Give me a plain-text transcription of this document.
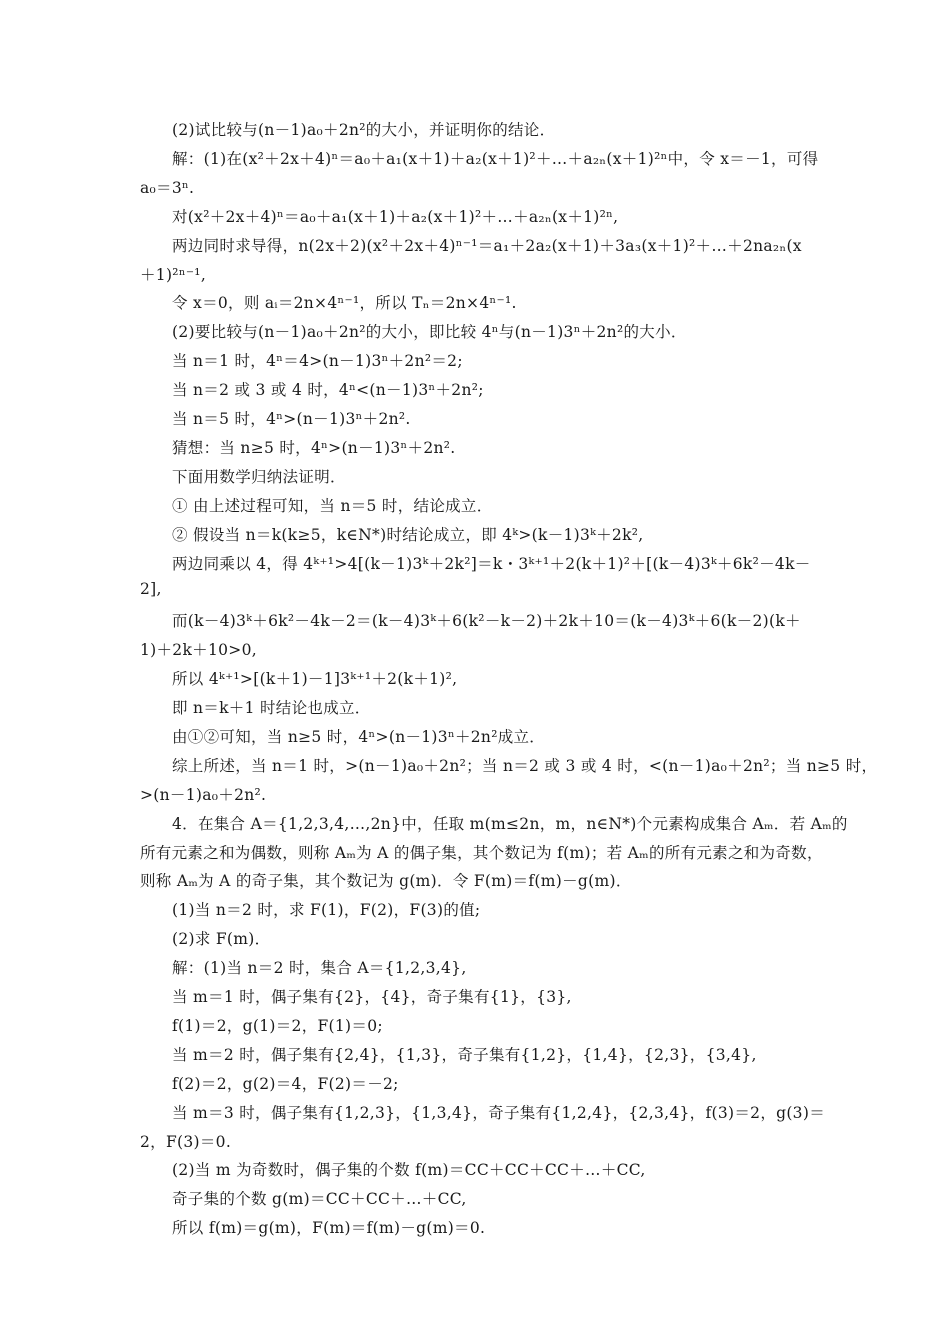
(2)试比较与(n－1)a₀＋2n²的大小，并证明你的结论．
解：(1)在(x²＋2x＋4)ⁿ＝a₀＋a₁(x＋1)＋a₂(x＋1)²＋…＋a₂ₙ(x＋1)²ⁿ中，令 x＝－1，可得
a₀＝3ⁿ.
对(x²＋2x＋4)ⁿ＝a₀＋a₁(x＋1)＋a₂(x＋1)²＋…＋a₂ₙ(x＋1)²ⁿ,
两边同时求导得，n(2x＋2)(x²＋2x＋4)ⁿ⁻¹＝a₁＋2a₂(x＋1)＋3a₃(x＋1)²＋…＋2na₂ₙ(x
＋1)²ⁿ⁻¹,
令 x＝0，则 aᵢ＝2n×4ⁿ⁻¹，所以 Tₙ＝2n×4ⁿ⁻¹.
(2)要比较与(n－1)a₀＋2n²的大小，即比较 4ⁿ与(n－1)3ⁿ＋2n²的大小．
当 n＝1 时，4ⁿ＝4>(n－1)3ⁿ＋2n²＝2;
当 n＝2 或 3 或 4 时，4ⁿ<(n－1)3ⁿ＋2n²;
当 n＝5 时，4ⁿ>(n－1)3ⁿ＋2n².
猜想：当 n≥5 时，4ⁿ>(n－1)3ⁿ＋2n².
下面用数学归纳法证明．
① 由上述过程可知，当 n＝5 时，结论成立．
② 假设当 n＝k(k≥5，k∈N*)时结论成立，即 4ᵏ>(k－1)3ᵏ＋2k²,
两边同乘以 4，得 4ᵏ⁺¹>4[(k－1)3ᵏ＋2k²]＝k・3ᵏ⁺¹＋2(k＋1)²＋[(k－4)3ᵏ＋6k²－4k－
2],
而(k－4)3ᵏ＋6k²－4k－2＝(k－4)3ᵏ＋6(k²－k－2)＋2k＋10＝(k－4)3ᵏ＋6(k－2)(k＋
1)＋2k＋10>0,
所以 4ᵏ⁺¹>[(k＋1)－1]3ᵏ⁺¹＋2(k＋1)²,
即 n＝k＋1 时结论也成立．
由①②可知，当 n≥5 时，4ⁿ>(n－1)3ⁿ＋2n²成立．
综上所述，当 n＝1 时，>(n－1)a₀＋2n²；当 n＝2 或 3 或 4 时，<(n－1)a₀＋2n²；当 n≥5 时，
>(n－1)a₀＋2n².
4．在集合 A＝{1,2,3,4,…,2n}中，任取 m(m≤2n，m，n∈N*)个元素构成集合 Aₘ．若 Aₘ的
所有元素之和为偶数，则称 Aₘ为 A 的偶子集，其个数记为 f(m)；若 Aₘ的所有元素之和为奇数，
则称 Aₘ为 A 的奇子集，其个数记为 g(m)．令 F(m)＝f(m)－g(m)．
(1)当 n＝2 时，求 F(1)，F(2)，F(3)的值;
(2)求 F(m)．
解：(1)当 n＝2 时，集合 A＝{1,2,3,4},
当 m＝1 时，偶子集有{2}，{4}，奇子集有{1}，{3},
f(1)＝2，g(1)＝2，F(1)＝0;
当 m＝2 时，偶子集有{2,4}，{1,3}，奇子集有{1,2}，{1,4}，{2,3}，{3,4},
f(2)＝2，g(2)＝4，F(2)＝－2;
当 m＝3 时，偶子集有{1,2,3}，{1,3,4}，奇子集有{1,2,4}，{2,3,4}，f(3)＝2，g(3)＝
2，F(3)＝0.
(2)当 m 为奇数时，偶子集的个数 f(m)＝CC＋CC＋CC＋…＋CC,
奇子集的个数 g(m)＝CC＋CC＋…＋CC,
所以 f(m)＝g(m)，F(m)＝f(m)－g(m)＝0.
